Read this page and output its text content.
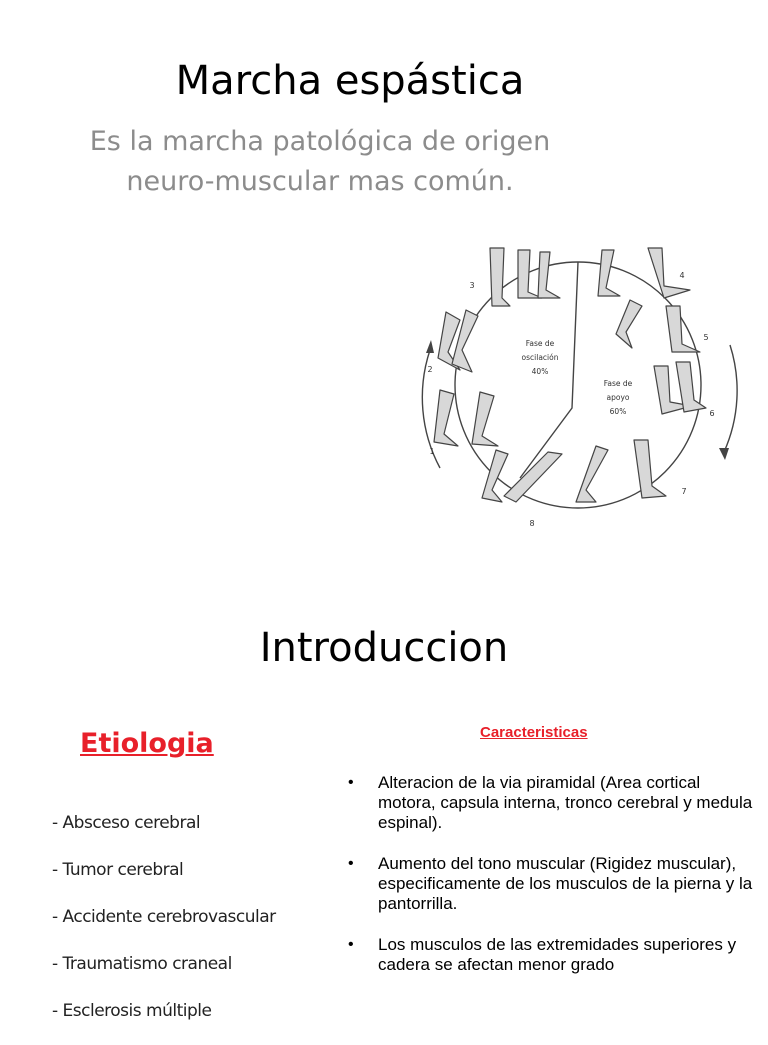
Marcha espástica
Es la marcha patológica de origen neuro-muscular mas común.
Fase de
oscilación
40%
Fase de
apoyo
60%
1
2
3
4
5
6
7
8
Introduccion
Etiologia
- Absceso cerebral
- Tumor cerebral
- Accidente cerebrovascular
- Traumatismo craneal
- Esclerosis múltiple
Caracteristicas
• Alteracion de la via piramidal (Area cortical motora, capsula interna, tronco cerebral y medula espinal).
• Aumento del tono muscular (Rigidez muscular), especificamente de los musculos de la pierna y la pantorrilla.
• Los musculos de las extremidades superiores y cadera se afectan menor grado
